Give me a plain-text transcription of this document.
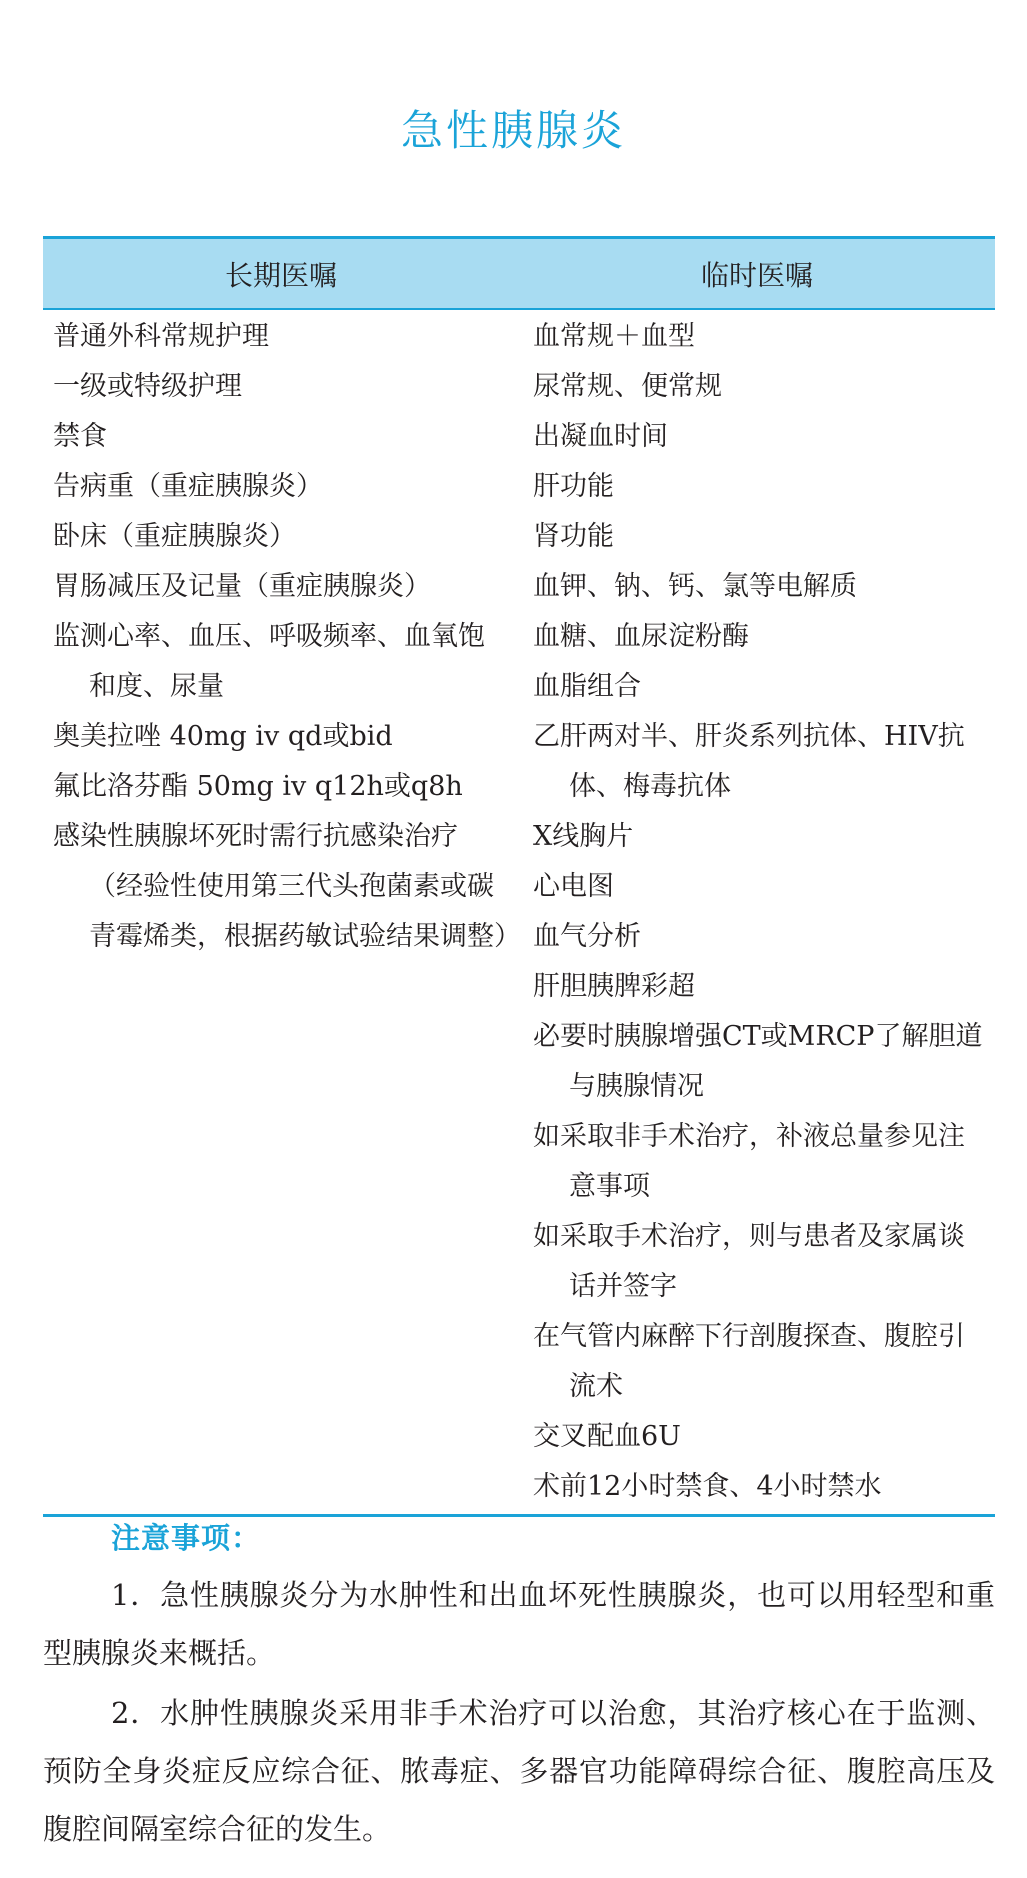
急性胰腺炎
长期医嘱	临时医嘱
普通外科常规护理
一级或特级护理
禁食
告病重（重症胰腺炎）
卧床（重症胰腺炎）
胃肠减压及记量（重症胰腺炎）
监测心率、血压、呼吸频率、血氧饱和度、尿量
奥美拉唑 40mg iv qd或bid
氟比洛芬酯 50mg iv q12h或q8h
感染性胰腺坏死时需行抗感染治疗（经验性使用第三代头孢菌素或碳青霉烯类，根据药敏试验结果调整）
血常规＋血型
尿常规、便常规
出凝血时间
肝功能
肾功能
血钾、钠、钙、氯等电解质
血糖、血尿淀粉酶
血脂组合
乙肝两对半、肝炎系列抗体、HIV抗体、梅毒抗体
X线胸片
心电图
血气分析
肝胆胰脾彩超
必要时胰腺增强CT或MRCP了解胆道与胰腺情况
如采取非手术治疗，补液总量参见注意事项
如采取手术治疗，则与患者及家属谈话并签字
在气管内麻醉下行剖腹探查、腹腔引流术
交叉配血6U
术前12小时禁食、4小时禁水
注意事项：
1．急性胰腺炎分为水肿性和出血坏死性胰腺炎，也可以用轻型和重型胰腺炎来概括。
2．水肿性胰腺炎采用非手术治疗可以治愈，其治疗核心在于监测、预防全身炎症反应综合征、脓毒症、多器官功能障碍综合征、腹腔高压及腹腔间隔室综合征的发生。
